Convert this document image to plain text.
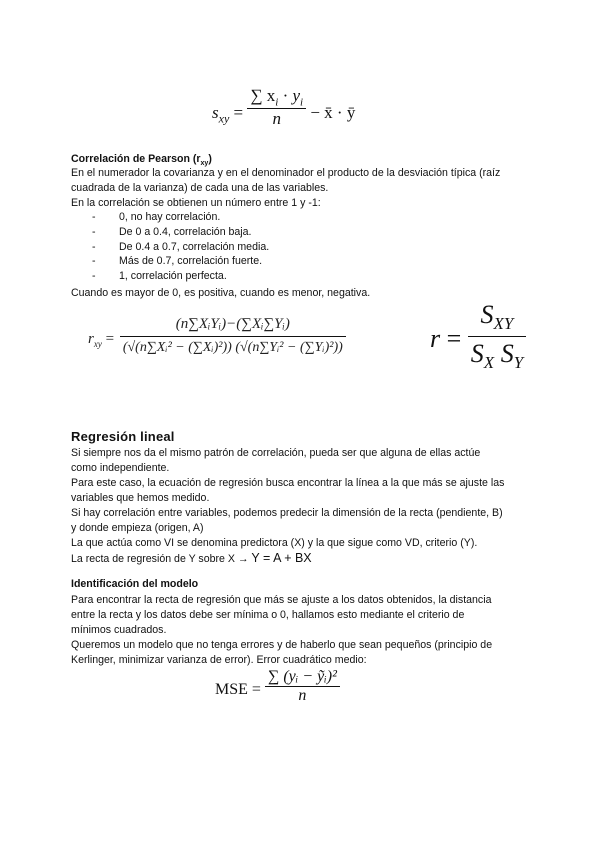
$s_{xy} = \frac{\sum x_i \cdot y_i}{n}$ − x̄ · ȳ
Correlación de Pearson $(r_{xy})$
En el numerador la covarianza y en el denominador el producto de la desviación típica (raíz
cuadrada de la varianza) de cada una de las variables.
En la correlación se obtienen un número entre 1 y -1:
- 0, no hay correlación.
- De 0 a 0.4, correlación baja.
- De 0.4 a 0.7, correlación media.
- Más de 0.7, correlación fuerte.
- 1, correlación perfecta.
Cuando es mayor de 0, es positiva, cuando es menor, negativa.
$r_{xy} = \frac{\text{(n∑XᵢYᵢ)−(∑Xᵢ∑Yᵢ)}}{\text{(√(n∑Xᵢ² − (∑Xᵢ)²)) (√(n∑Yᵢ² − (∑Yᵢ)²))}}$	$r = \frac{S_{XY}}{S_X S_Y}$
Regresión lineal
Si siempre nos da el mismo patrón de correlación, pueda ser que alguna de ellas actúe
como independiente.
Para este caso, la ecuación de regresión busca encontrar la línea a la que más se ajuste las
variables que hemos medido.
Si hay correlación entre variables, podemos predecir la dimensión de la recta (pendiente, B)
y donde empieza (origen, A)
La que actúa como VI se denomina predictora (X) y la que sigue como VD, criterio (Y).
La recta de regresión de Y sobre X → Y = A + BX
Identificación del modelo
Para encontrar la recta de regresión que más se ajuste a los datos obtenidos, la distancia
entre la recta y los datos debe ser mínima o 0, hallamos esto mediante el criterio de
mínimos cuadrados.
Queremos un modelo que no tenga errores y de haberlo que sean pequeños (principio de
Kerlinger, minimizar varianza de error). Error cuadrático medio:
MSE = $\frac{\text{∑ (yᵢ − ỹᵢ)²}}{n}$
